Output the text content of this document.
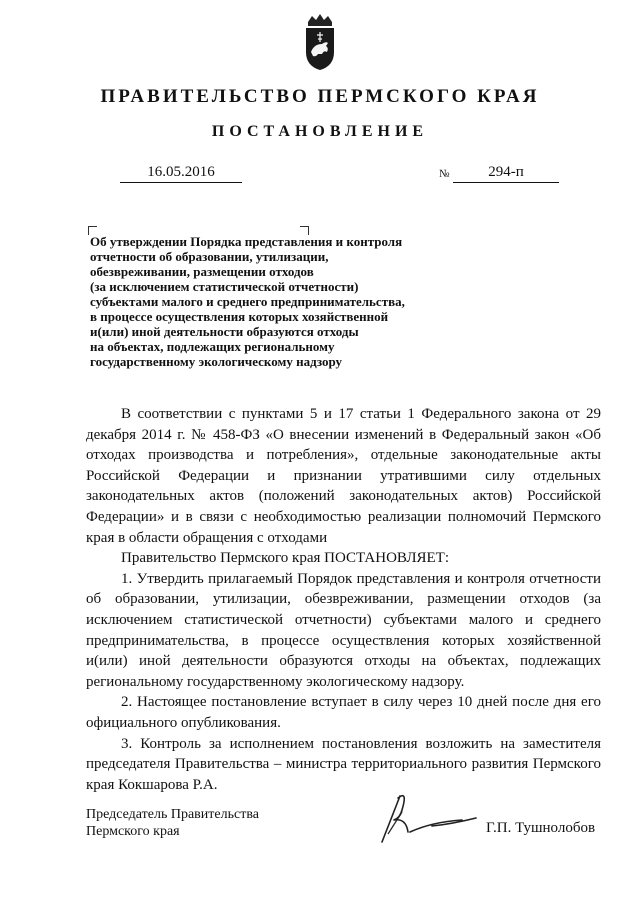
ПРАВИТЕЛЬСТВО ПЕРМСКОГО КРАЯ
ПОСТАНОВЛЕНИЕ
16.05.2016	№	294-п
Об утверждении Порядка представления и контроля
отчетности об образовании, утилизации,
обезвреживании, размещении отходов
(за исключением статистической отчетности)
субъектами малого и среднего предпринимательства,
в процессе осуществления которых хозяйственной
и(или) иной деятельности образуются отходы
на объектах, подлежащих региональному
государственному экологическому надзору

В соответствии с пунктами 5 и 17 статьи 1 Федерального закона от 29 декабря 2014 г. № 458-ФЗ «О внесении изменений в Федеральный закон «Об отходах производства и потребления», отдельные законодательные акты Российской Федерации и признании утратившими силу отдельных законодательных актов (положений законодательных актов) Российской Федерации» и в связи с необходимостью реализации полномочий Пермского края в области обращения с отходами

Правительство Пермского края ПОСТАНОВЛЯЕТ:

1. Утвердить прилагаемый Порядок представления и контроля отчетности об образовании, утилизации, обезвреживании, размещении отходов (за исключением статистической отчетности) субъектами малого и среднего предпринимательства, в процессе осуществления которых хозяйственной и(или) иной деятельности образуются отходы на объектах, подлежащих региональному государственному экологическому надзору.

2. Настоящее постановление вступает в силу через 10 дней после дня его официального опубликования.

3. Контроль за исполнением постановления возложить на заместителя председателя Правительства – министра территориального развития Пермского края Кокшарова Р.А.

Председатель Правительства
Пермского края	Г.П. Тушнолобов
